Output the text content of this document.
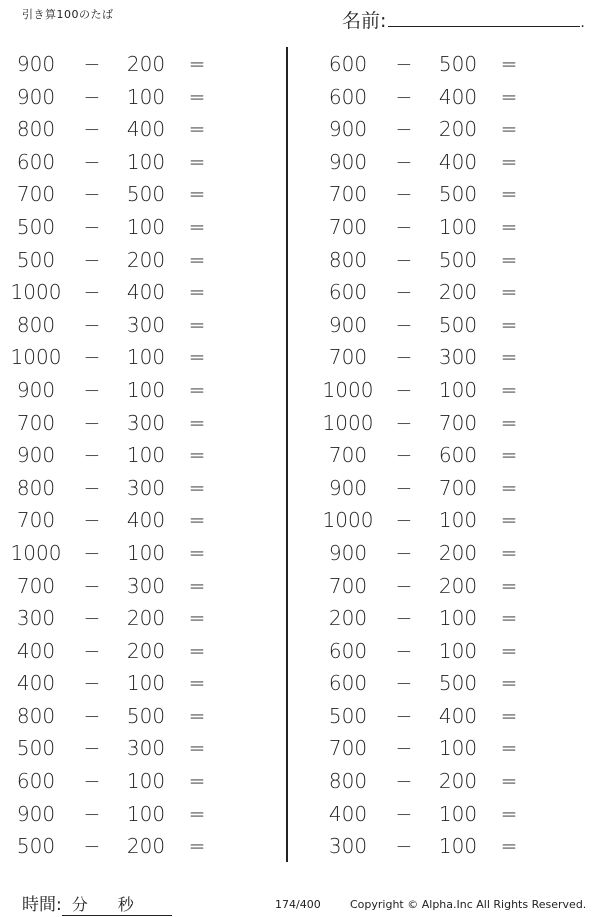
引き算100のたば	名前:	.
900	−	200	=
900	−	100	=
800	−	400	=
600	−	100	=
700	−	500	=
500	−	100	=
500	−	200	=
1000 −	400	=
800	−	300	=
1000 −	100	=
900	−	100	=
700	−	300	=
900	−	100	=
800	−	300	=
700	−	400	=
1000 −	100	=
700	−	300	=
300	−	200	=
400	−	200	=
400	−	100	=
800	−	500	=
500	−	300	=
600	−	100	=
900	−	100	=
500	−	200	=
600	−	500	=
600	−	400	=
900	−	200	=
900	−	400	=
700	−	500	=
700	−	100	=
800	−	500	=
600	−	200	=
900	−	500	=
700	−	300	=
1000 −	100	=
1000 −	700	=
700	−	600	=
900	−	700	=
1000 −	100	=
900	−	200	=
700	−	200	=
200	−	100	=
600	−	100	=
600	−	500	=
500	−	400	=
700	−	100	=
800	−	200	=
400	−	100	=
300	−	100	=
時間: 分 秒	174/400	Copyright © Alpha.Inc All Rights Reserved.
